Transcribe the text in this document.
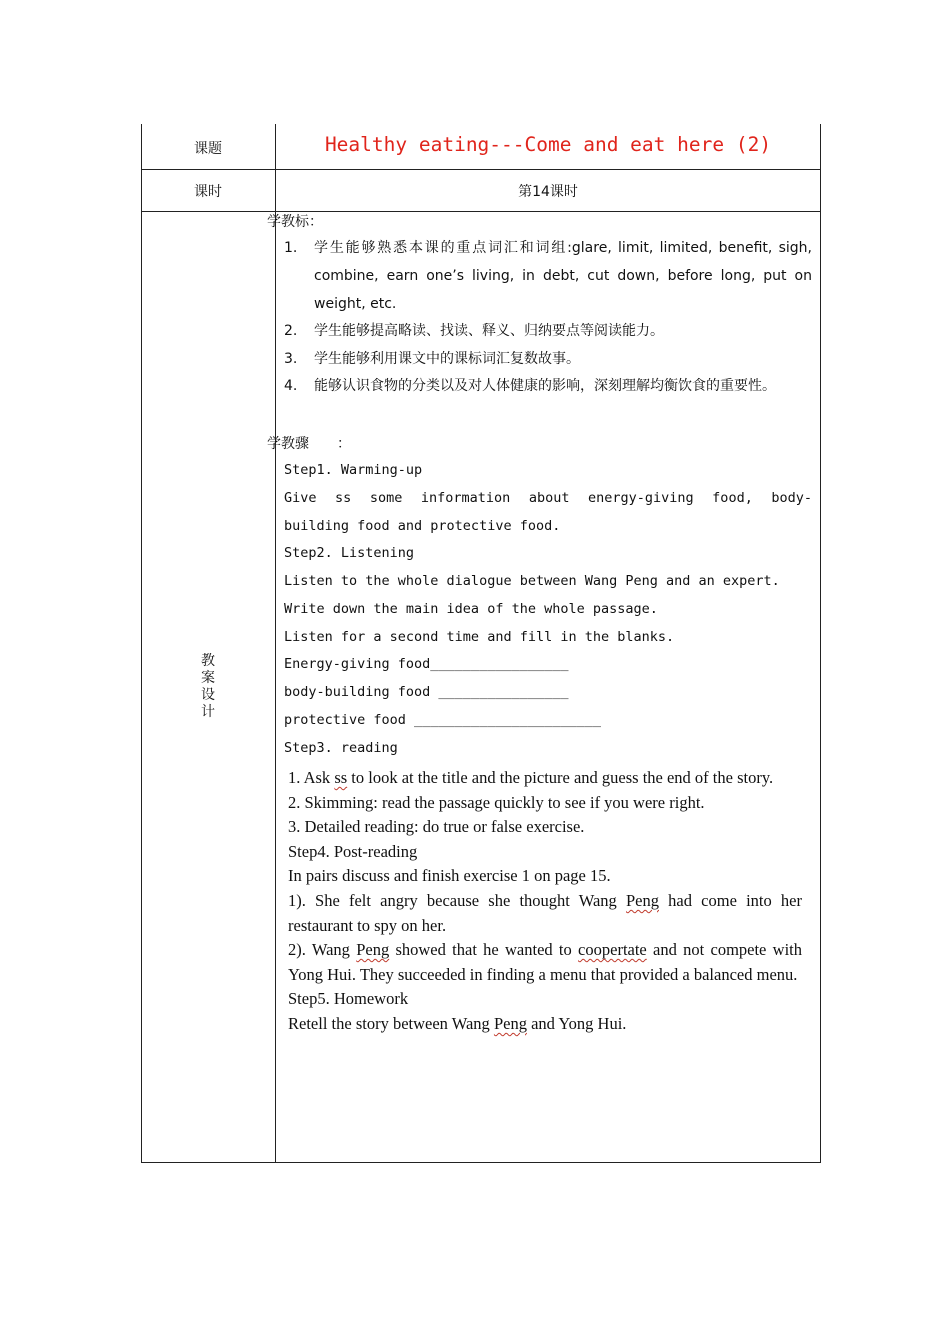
课题	Healthy eating---Come and eat here (2)
课时	第14课时
教
案
设
计
学教标：
1. 学生能够熟悉本课的重点词汇和词组:glare, limit, limited, benefit, sigh, combine, earn one’s living, in debt, cut down, before long, put on weight, etc.
2. 学生能够提高略读、找读、释义、归纳要点等阅读能力。
3. 学生能够利用课文中的课标词汇复数故事。
4. 能够认识食物的分类以及对人体健康的影响，深刻理解均衡饮食的重要性。
学教骤 ：
Step1. Warming-up
Give ss some information about energy-giving food, body-
building food and protective food.
Step2. Listening
Listen to the whole dialogue between Wang Peng and an expert.
Write down the main idea of the whole passage.
Listen for a second time and fill in the blanks.
Energy-giving food_________________
body-building food ________________
protective food _______________________
Step3. reading

1. Ask ss to look at the title and the picture and guess the end of the story.

2. Skimming: read the passage quickly to see if you were right.

3. Detailed reading: do true or false exercise.

Step4. Post-reading

In pairs discuss and finish exercise 1 on page 15.

1). She felt angry because she thought Wang Peng had come into her restaurant to spy on her.

2). Wang Peng showed that he wanted to coopertate and not compete with Yong Hui. They succeeded in finding a menu that provided a balanced menu.

Step5. Homework

Retell the story between Wang Peng and Yong Hui.
